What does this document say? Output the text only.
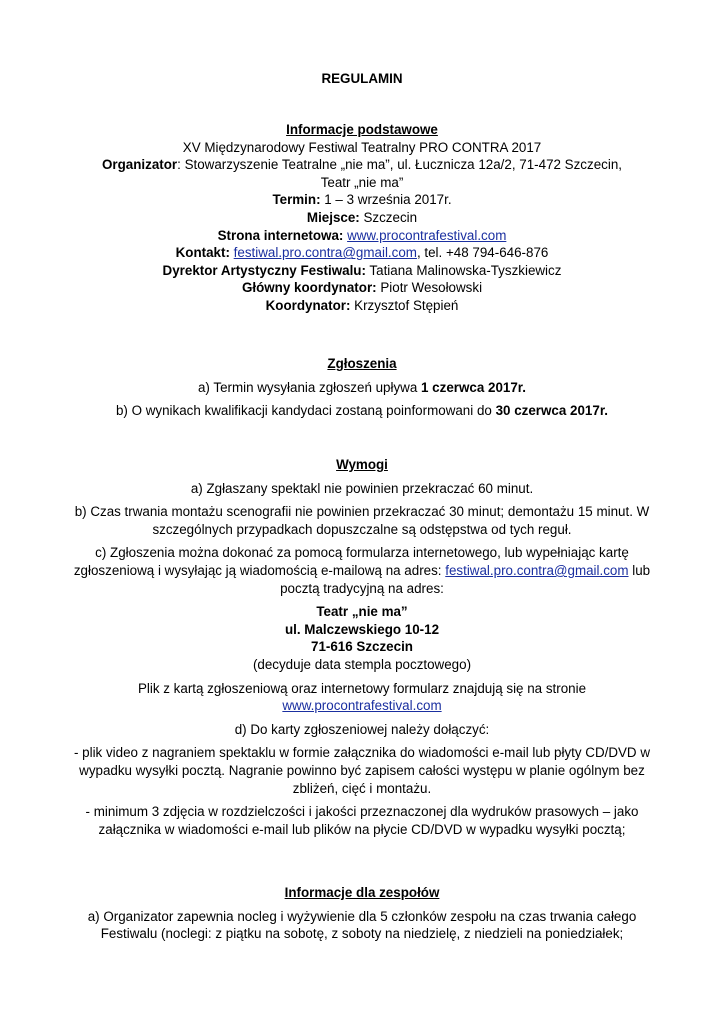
REGULAMIN

Informacje podstawowe

XV Międzynarodowy Festiwal Teatralny PRO CONTRA 2017

Organizator: Stowarzyszenie Teatralne „nie ma”, ul. Łucznicza 12a/2, 71-472 Szczecin,

Teatr „nie ma”

Termin: 1 – 3 września 2017r.

Miejsce: Szczecin

Strona internetowa: www.procontrafestival.com

Kontakt: festiwal.pro.contra@gmail.com, tel. +48 794-646-876

Dyrektor Artystyczny Festiwalu: Tatiana Malinowska-Tyszkiewicz

Główny koordynator: Piotr Wesołowski

Koordynator: Krzysztof Stępień

Zgłoszenia

a) Termin wysyłania zgłoszeń upływa 1 czerwca 2017r.

b) O wynikach kwalifikacji kandydaci zostaną poinformowani do 30 czerwca 2017r.

Wymogi

a) Zgłaszany spektakl nie powinien przekraczać 60 minut.

b) Czas trwania montażu scenografii nie powinien przekraczać 30 minut; demontażu 15 minut. W

szczególnych przypadkach dopuszczalne są odstępstwa od tych reguł.

c) Zgłoszenia można dokonać za pomocą formularza internetowego, lub wypełniając kartę

zgłoszeniową i wysyłając ją wiadomością e-mailową na adres: festiwal.pro.contra@gmail.com lub

pocztą tradycyjną na adres:

Teatr „nie ma”

ul. Malczewskiego 10-12

71-616 Szczecin

(decyduje data stempla pocztowego)

Plik z kartą zgłoszeniową oraz internetowy formularz znajdują się na stronie

www.procontrafestival.com

d) Do karty zgłoszeniowej należy dołączyć:

- plik video z nagraniem spektaklu w formie załącznika do wiadomości e-mail lub płyty CD/DVD w

wypadku wysyłki pocztą. Nagranie powinno być zapisem całości występu w planie ogólnym bez

zbliżeń, cięć i montażu.

- minimum 3 zdjęcia w rozdzielczości i jakości przeznaczonej dla wydruków prasowych – jako

załącznika w wiadomości e-mail lub plików na płycie CD/DVD w wypadku wysyłki pocztą;

Informacje dla zespołów

a) Organizator zapewnia nocleg i wyżywienie dla 5 członków zespołu na czas trwania całego

Festiwalu (noclegi: z piątku na sobotę, z soboty na niedzielę, z niedzieli na poniedziałek;
